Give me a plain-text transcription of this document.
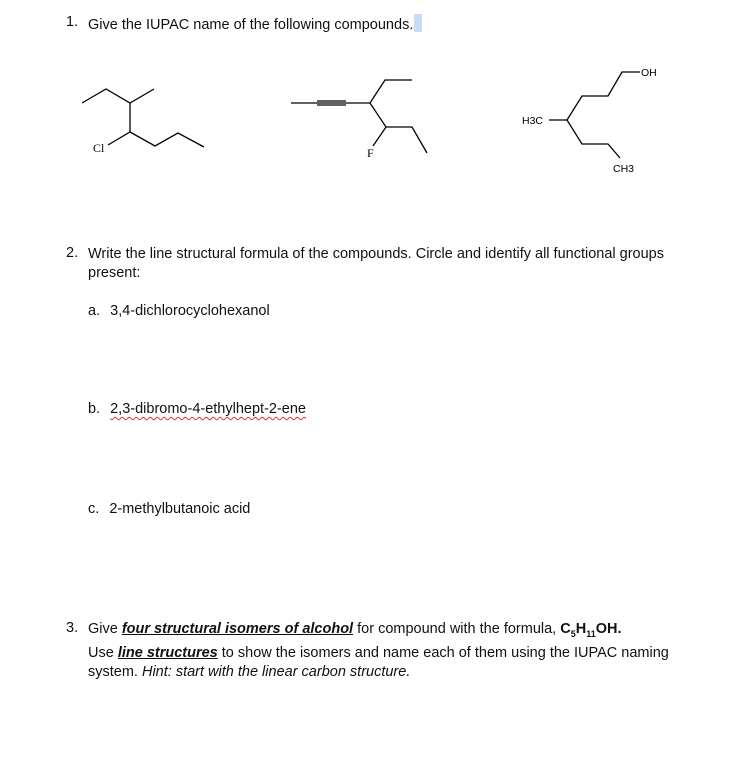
1. Give the IUPAC name of the following compounds.
Cl	F
H3C
OH
CH3
2. Write the line structural formula of the compounds. Circle and identify all functional groups
present:
a. 3,4-dichlorocyclohexanol
b. 2,3-dibromo-4-ethylhept-2-ene
c. 2-methylbutanoic acid
3. Give four structural isomers of alcohol for compound with the formula, $C_5H_{11}OH$.
Use line structures to show the isomers and name each of them using the IUPAC naming
system. Hint: start with the linear carbon structure.
